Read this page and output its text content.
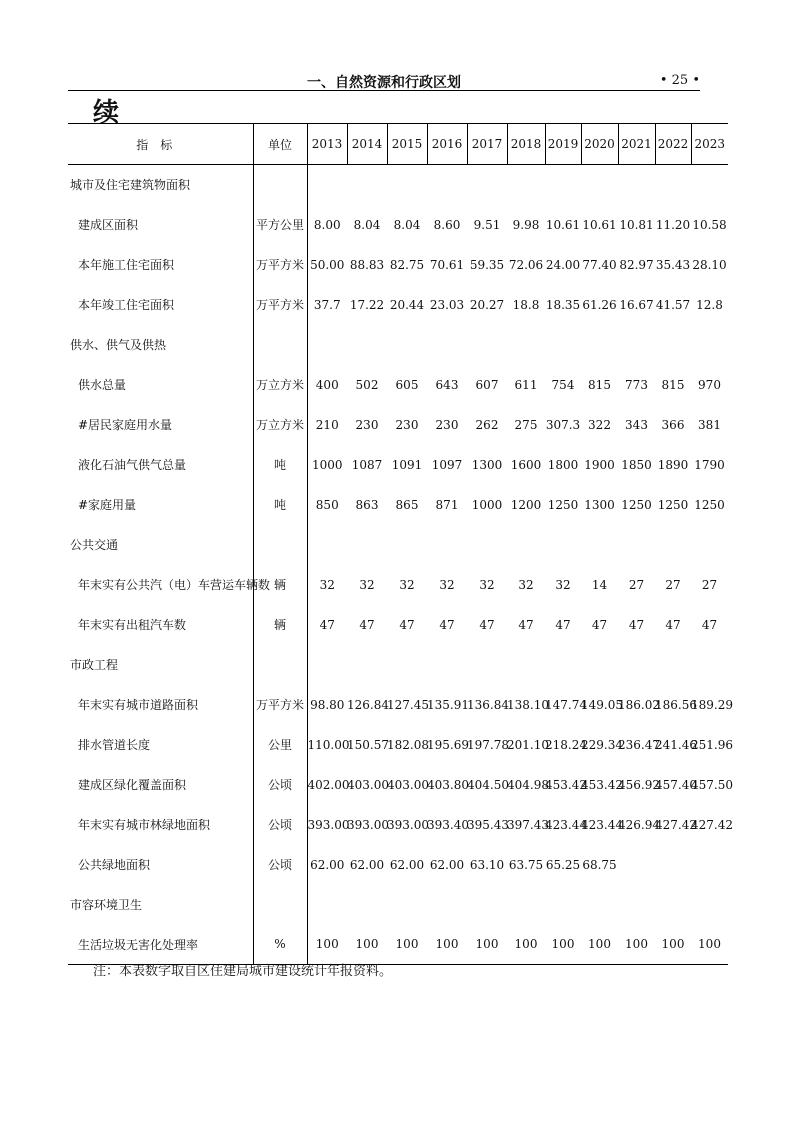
一、自然资源和行政区划	• 25 •
续
指标	单位	2013	2014	2015	2016	2017	2018	2019	2020	2021	2022	2023
城市及住宅建筑物面积												
建成区面积	平方公里	8.00	8.04	8.04	8.60	9.51	9.98	10.61	10.61	10.81	11.20	10.58
本年施工住宅面积	万平方米	50.00	88.83	82.75	70.61	59.35	72.06	24.00	77.40	82.97	35.43	28.10
本年竣工住宅面积	万平方米	37.7	17.22	20.44	23.03	20.27	18.8	18.35	61.26	16.67	41.57	12.8
供水、供气及供热												
供水总量	万立方米	400	502	605	643	607	611	754	815	773	815	970
#居民家庭用水量	万立方米	210	230	230	230	262	275	307.3	322	343	366	381
液化石油气供气总量	吨	1000	1087	1091	1097	1300	1600	1800	1900	1850	1890	1790
#家庭用量	吨	850	863	865	871	1000	1200	1250	1300	1250	1250	1250
公共交通												
年末实有公共汽（电）车营运车辆数	辆	32	32	32	32	32	32	32	14	27	27	27
年末实有出租汽车数	辆	47	47	47	47	47	47	47	47	47	47	47
市政工程												
年末实有城市道路面积	万平方米	98.80	126.84	127.45	135.91	136.84	138.10	147.74	149.05	186.02	186.56	189.29
排水管道长度	公里	110.00	150.57	182.08	195.69	197.78	201.10	218.24	229.34	236.47	241.46	251.96
建成区绿化覆盖面积	公顷	402.00	403.00	403.00	403.80	404.50	404.98	453.42	453.42	456.92	457.40	457.50
年末实有城市林绿地面积	公顷	393.00	393.00	393.00	393.40	395.43	397.43	423.44	423.44	426.94	427.42	427.42
公共绿地面积	公顷	62.00	62.00	62.00	62.00	63.10	63.75	65.25	68.75			
市容环境卫生												
生活垃圾无害化处理率	%	100	100	100	100	100	100	100	100	100	100	100
注：本表数字取自区住建局城市建设统计年报资料。
